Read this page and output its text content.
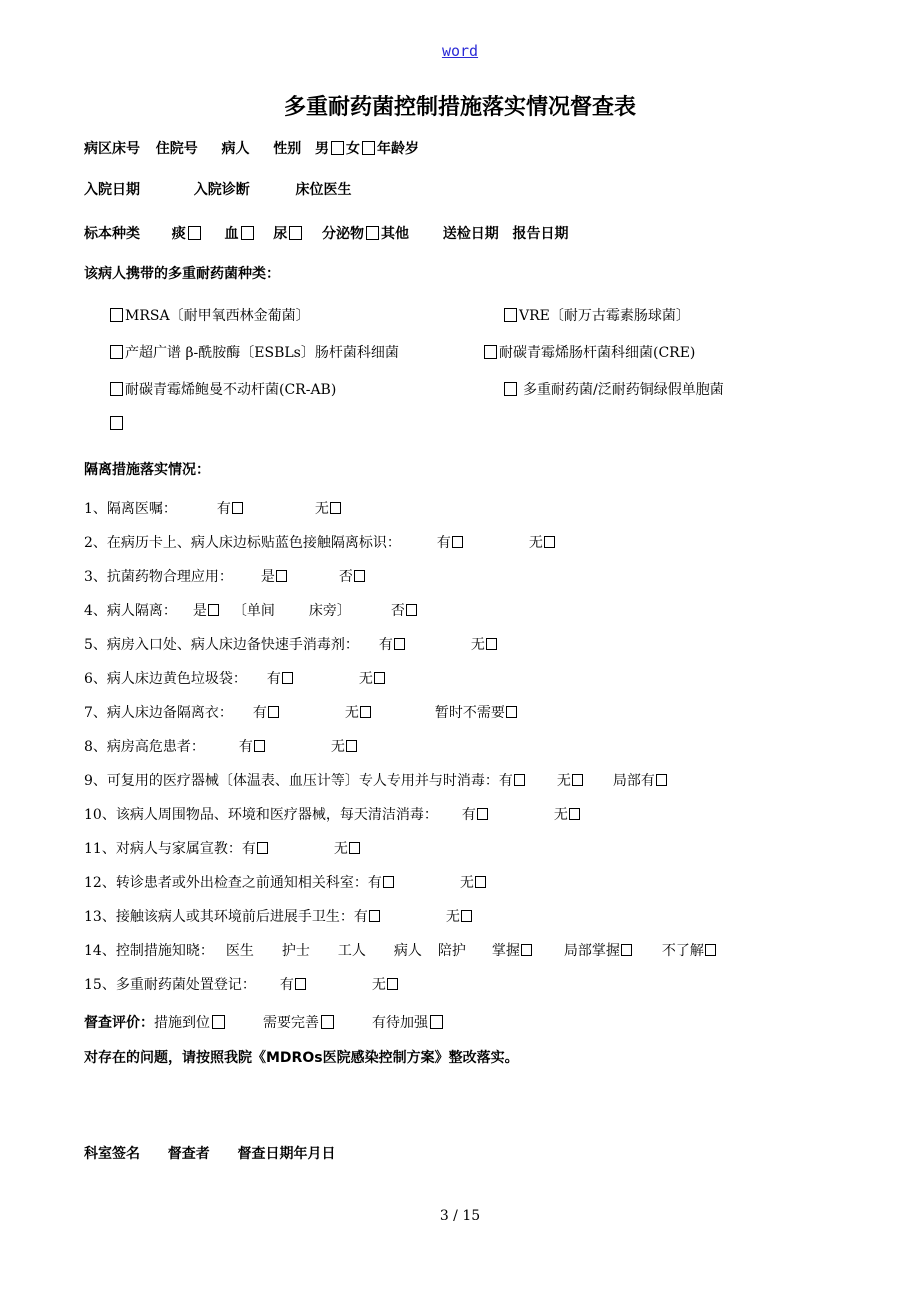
word
多重耐药菌控制措施落实情况督查表
病区床号 住院号 病人 性别 男 女 年龄岁
入院日期	入院诊断	床位医生
标本种类 痰	血 尿 分泌物 其他 送检日期 报告日期
该病人携带的多重耐药菌种类：
MRSA〔耐甲氧西林金葡菌〕	VRE〔耐万古霉素肠球菌〕
产超广谱 β-酰胺酶〔ESBLs〕肠杆菌科细菌	耐碳青霉烯肠杆菌科细菌(CRE)
耐碳青霉烯鲍曼不动杆菌(CR-AB)	多重耐药菌/泛耐药铜绿假单胞菌
隔离措施落实情况：
1、隔离医嘱：	有	无
2、在病历卡上、病人床边标贴蓝色接触隔离标识：	有	无
3、抗菌药物合理应用： 是	否
4、病人隔离： 是 〔单间 床旁〕	否
5、病房入口处、病人床边备快速手消毒剂： 有	无
6、病人床边黄色垃圾袋： 有	无
7、病人床边备隔离衣： 有	无	暂时不需要
8、病房高危患者： 有	无
9、可复用的医疗器械〔体温表、血压计等〕专人专用并与时消毒：有	无	局部有
10、该病人周围物品、环境和医疗器械，每天清洁消毒： 有	无
11、对病人与家属宣教：有	无
12、转诊患者或外出检查之前通知相关科室：有	无
13、接触该病人或其环境前后进展手卫生：有	无
14、控制措施知晓： 医生 护士 工人 病人 陪护 掌握	局部掌握	不了解
15、多重耐药菌处置登记： 有	无
督查评价：措施到位	需要完善	有待加强
对存在的问题，请按照我院《MDROs医院感染控制方案》整改落实。
科室签名 督查者 督查日期年月日
3 / 15
